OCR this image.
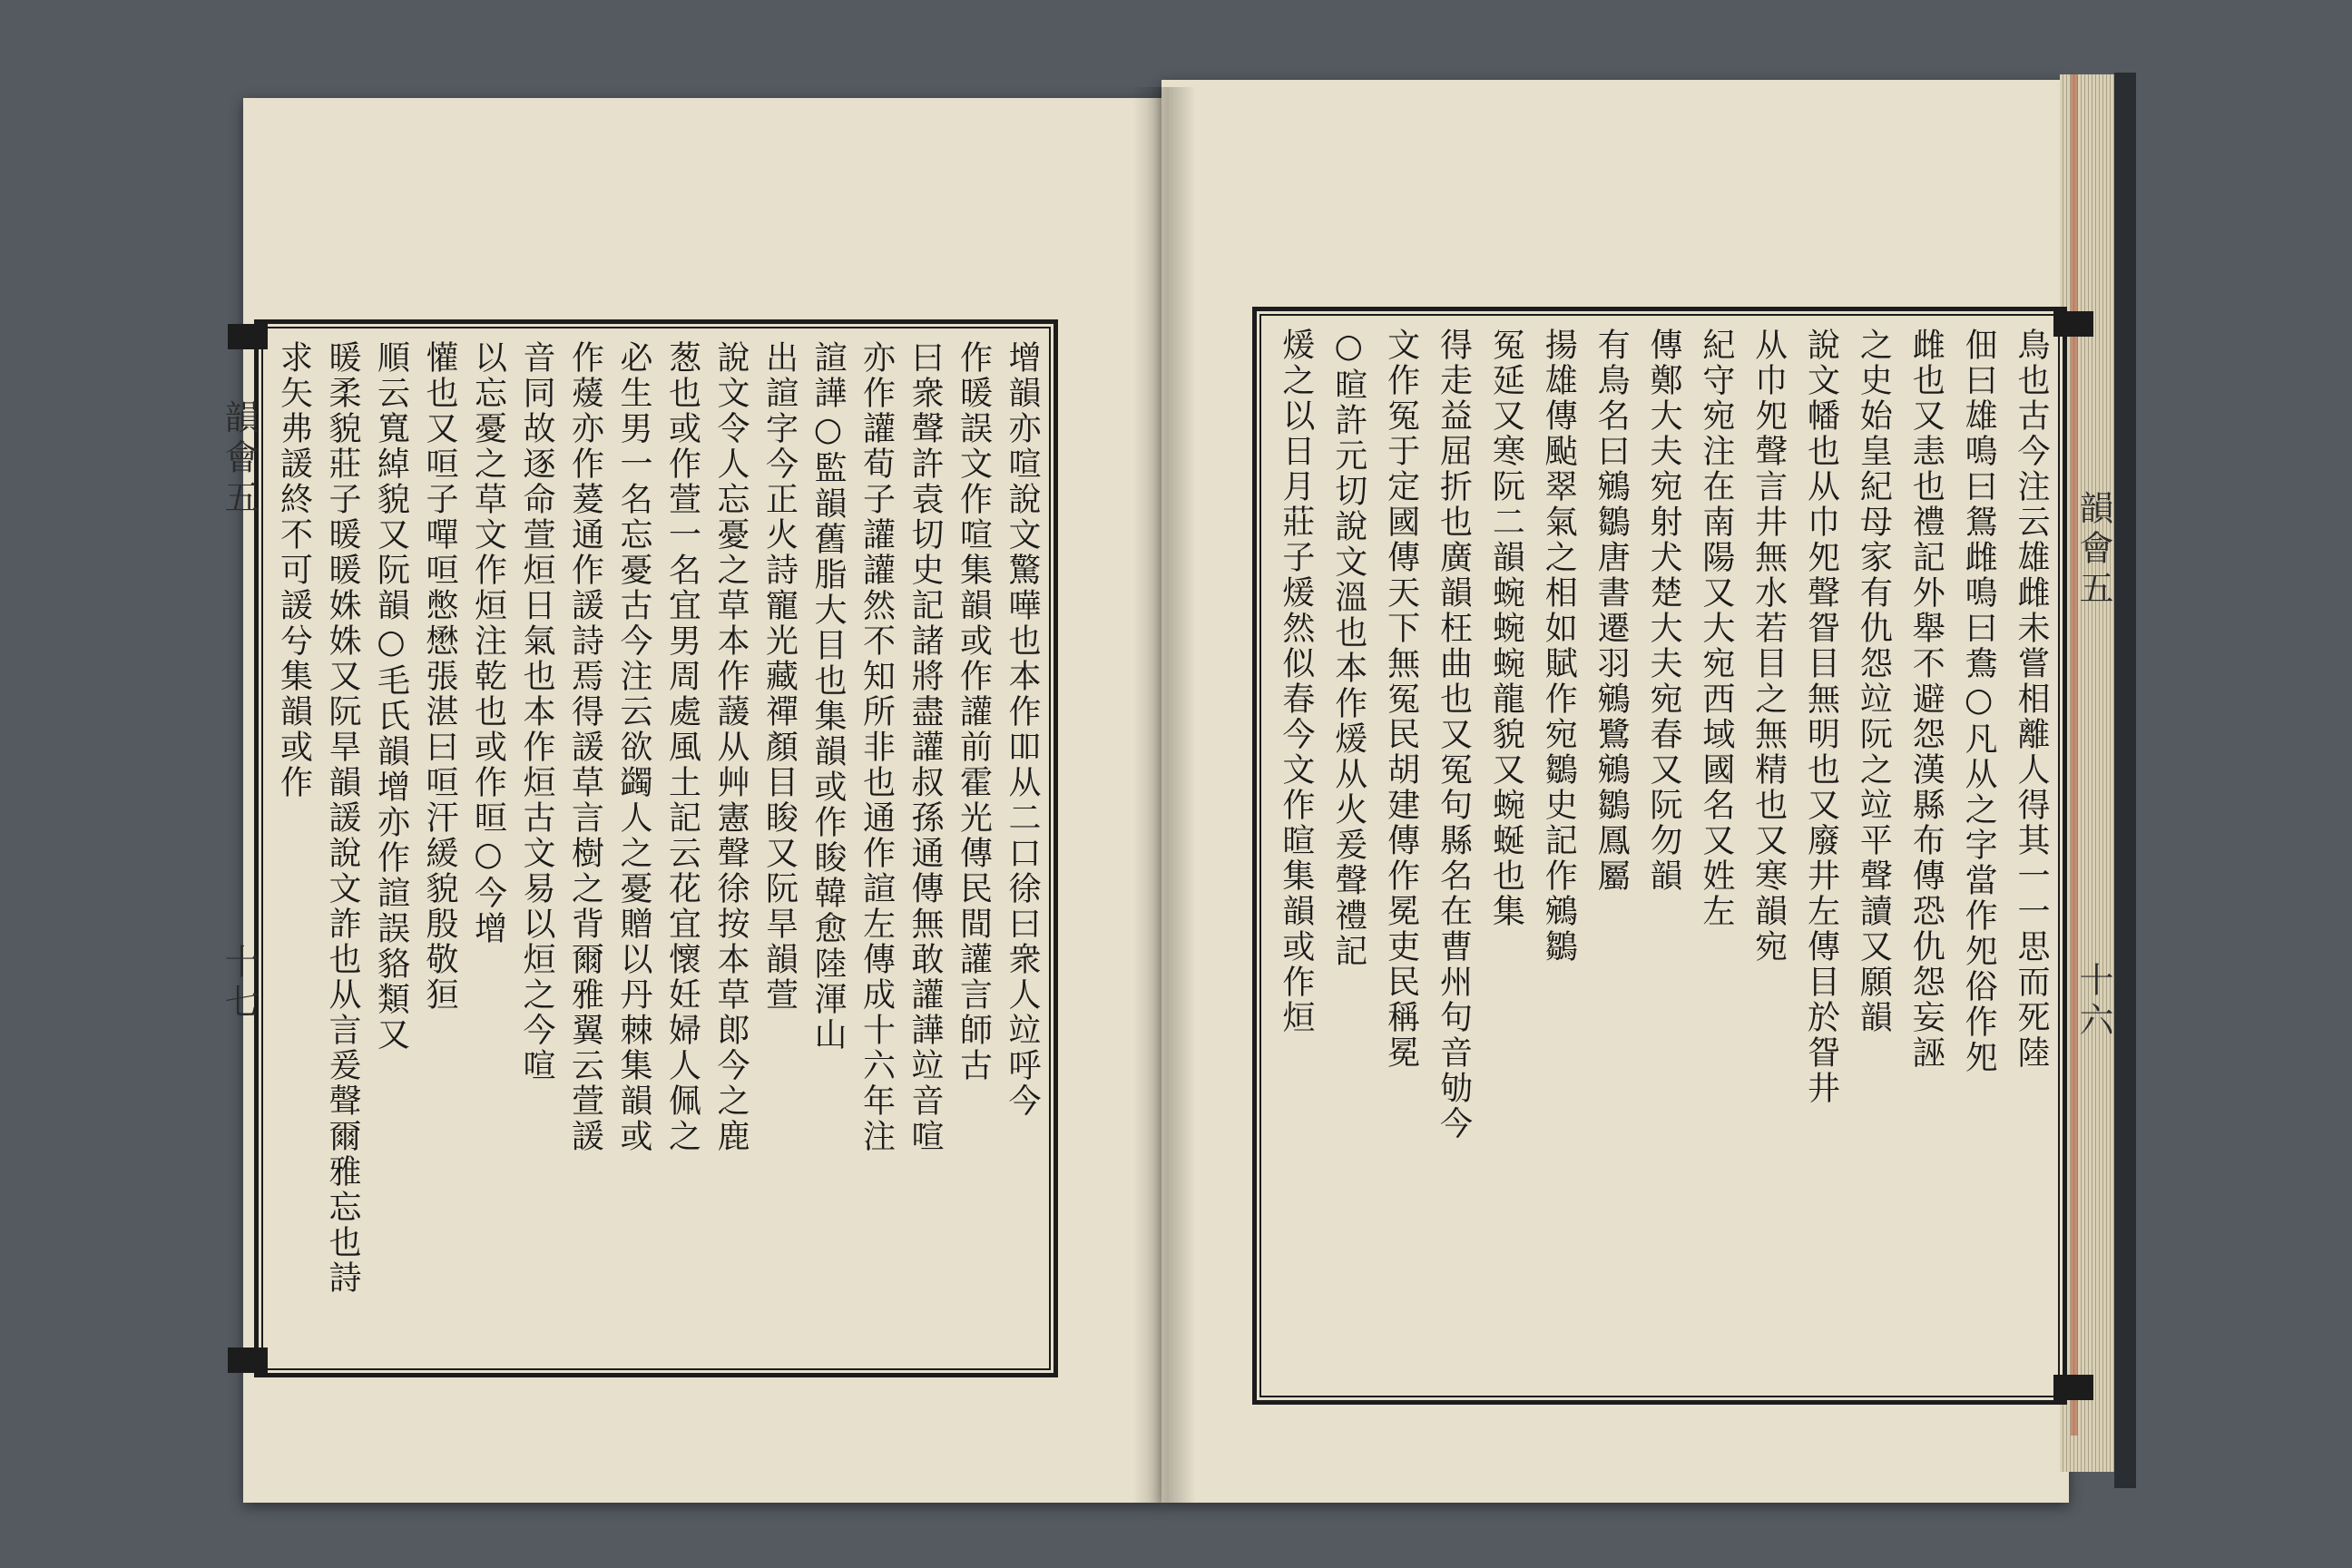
增韻亦喧說文驚嘩也本作吅从二口徐曰衆人竝呼今
作暖誤文作喧集韻或作讙前霍光傳民間讙言師古
曰衆聲許袁切史記諸將盡讙叔孫通傳無敢讙譁竝音喧
亦作讙荀子讙讙然不知所非也通作諠左傳成十六年注
諠譁○監韻舊脂大目也集韻或作睃韓愈陸渾山
出諠字今正火詩寵光藏禪顏目睃又阮旱韻萱
說文令人忘憂之草本作蘐从艸憲聲徐按本草郎今之鹿
葱也或作萱一名宜男周處風土記云花宜懷妊婦人佩之
必生男一名忘憂古今注云欲蠲人之憂贈以丹棘集韻或
作蕿亦作萲通作諼詩焉得諼草言樹之背爾雅翼云萱諼
音同故逐命萱烜日氣也本作烜古文易以烜之今喧
以忘憂之草文作烜注乾也或作晅○今增
懽也又咺子嘽咺憋懋張湛曰咺汗緩貌殷敬狟
順云寬綽貌又阮韻○毛氏韻增亦作諠誤貉類又
暖柔貌莊子暖暖姝姝又阮旱韻諼說文詐也从言爰聲爾雅忘也詩
求矢弗諼終不可諼兮集韻或作
韻會五
十七	鳥也古今注云雄雌未嘗相離人得其一一思而死陸
佃曰雄鳴曰鴛雌鳴曰鴦○凡从之字當作夗俗作夗
雌也又恚也禮記外舉不避怨漢縣布傳恐仇怨妄誣
之史始皇紀母家有仇怨竝阮之竝平聲讀又願韻
說文幡也从巾夗聲眢目無明也又廢井左傳目於眢井
从巾夗聲言井無水若目之無精也又寒韻宛
紀守宛注在南陽又大宛西域國名又姓左
傳鄭大夫宛射犬楚大夫宛春又阮勿韻
有鳥名曰鵷鶵唐書遷羽鵷鷺鵷鶵鳳屬
揚雄傳颭翠氣之相如賦作宛鶵史記作鵷鶵
冤延又寒阮二韻蜿蜿蜿龍貌又蜿蜒也集
得走益屈折也廣韻枉曲也又冤句縣名在曹州句音劬今
文作冤于定國傳天下無冤民胡建傳作冕吏民稱冕
○暄許元切說文溫也本作煖从火爰聲禮記
煖之以日月莊子煖然似春今文作暄集韻或作烜	韻會五
十六
